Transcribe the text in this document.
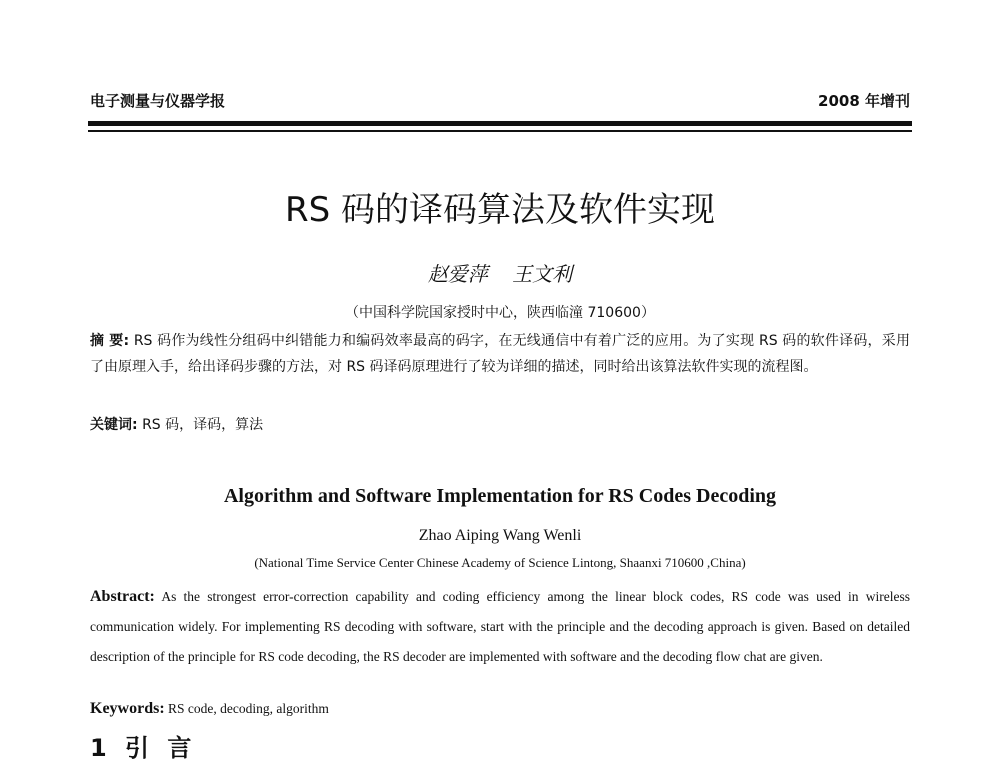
电子测量与仪器学报	2008 年增刊
RS 码的译码算法及软件实现
赵爱萍 王文利
（中国科学院国家授时中心，陕西临潼 710600）
摘 要: RS 码作为线性分组码中纠错能力和编码效率最高的码字，在无线通信中有着广泛的应用。为了实现 RS 码的软件译码，采用了由原理入手，给出译码步骤的方法，对 RS 码译码原理进行了较为详细的描述，同时给出该算法软件实现的流程图。
关键词: RS 码，译码，算法
Algorithm and Software Implementation for RS Codes Decoding
Zhao Aiping Wang Wenli
(National Time Service Center Chinese Academy of Science Lintong, Shaanxi 710600 ,China)
Abstract: As the strongest error-correction capability and coding efficiency among the linear block codes, RS code was used in wireless communication widely. For implementing RS decoding with software, start with the principle and the decoding approach is given. Based on detailed description of the principle for RS code decoding, the RS decoder are implemented with software and the decoding flow chat are given.
Keywords: RS code, decoding, algorithm
1 引 言
